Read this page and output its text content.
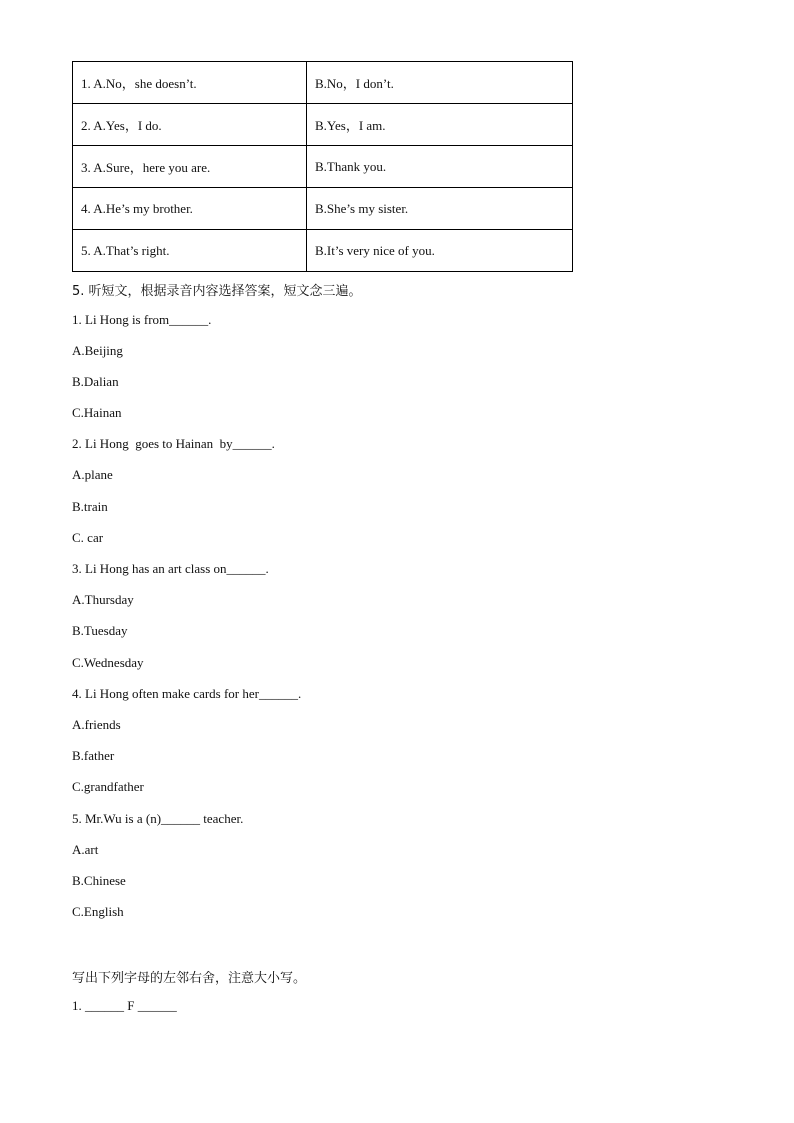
1. A.No，she doesn’t.	B.No，I don’t.
2. A.Yes，I do.	B.Yes，I am.
3. A.Sure，here you are.	B.Thank you.
4. A.He’s my brother.	B.She’s my sister.
5. A.That’s right.	B.It’s very nice of you.
5. 听短文，根据录音内容选择答案，短文念三遍。
1. Li Hong is from______.
A.Beijing
B.Dalian
C.Hainan
2. Li Hong  goes to Hainan  by______.
A.plane
B.train
C. car
3. Li Hong has an art class on______.
A.Thursday
B.Tuesday
C.Wednesday
4. Li Hong often make cards for her______.
A.friends
B.father
C.grandfather
5. Mr.Wu is a (n)______ teacher.
A.art
B.Chinese
C.English
写出下列字母的左邻右舍，注意大小写。
1. ______ F ______
